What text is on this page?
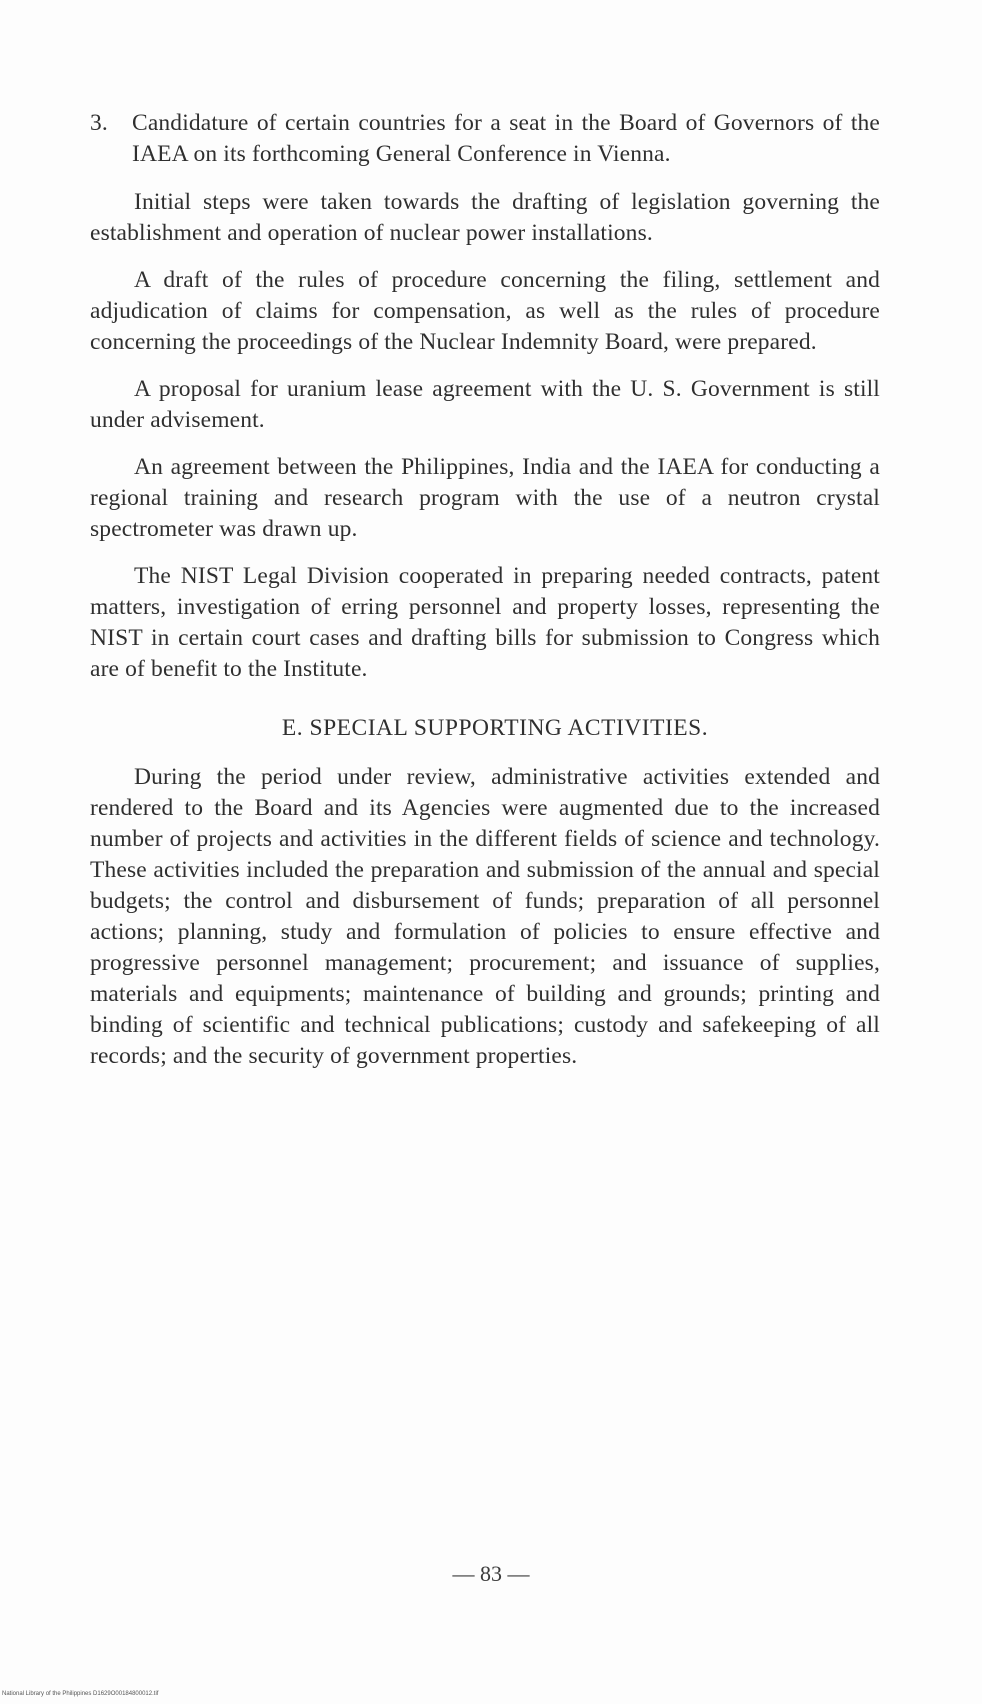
3.	Candidature of certain countries for a seat in the Board of Governors of the IAEA on its forthcoming General Conference in Vienna.

Initial steps were taken towards the drafting of legislation governing the establishment and operation of nuclear power installations.

A draft of the rules of procedure concerning the filing, settlement and adjudication of claims for compensation, as well as the rules of procedure concerning the proceedings of the Nuclear Indemnity Board, were prepared.

A proposal for uranium lease agreement with the U. S. Government is still under advisement.

An agreement between the Philippines, India and the IAEA for conducting a regional training and research program with the use of a neutron crystal spectrometer was drawn up.

The NIST Legal Division cooperated in preparing needed contracts, patent matters, investigation of erring personnel and property losses, representing the NIST in certain court cases and drafting bills for submission to Congress which are of benefit to the Institute.

E. SPECIAL SUPPORTING ACTIVITIES.

During the period under review, administrative activities extended and rendered to the Board and its Agencies were augmented due to the increased number of projects and activities in the different fields of science and technology. These activities included the preparation and submission of the annual and special budgets; the control and disbursement of funds; preparation of all personnel actions; planning, study and formulation of policies to ensure effective and progressive personnel management; procurement; and issuance of supplies, materials and equipments; maintenance of building and grounds; printing and binding of scientific and technical publications; custody and safekeeping of all records; and the security of government properties.

— 83 —
National Library of the Philippines D1629O00184800012.tif
